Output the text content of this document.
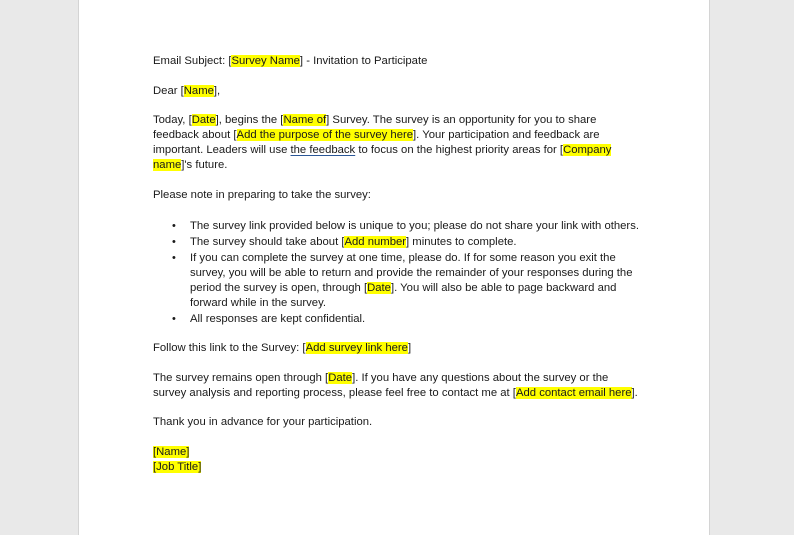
Email Subject: [Survey Name] - Invitation to Participate

Dear [Name],

Today, [Date], begins the [Name of] Survey. The survey is an opportunity for you to share feedback about [Add the purpose of the survey here]. Your participation and feedback are important. Leaders will use the feedback to focus on the highest priority areas for [Company name]'s future.

Please note in preparing to take the survey:

• The survey link provided below is unique to you; please do not share your link with others.
• The survey should take about [Add number] minutes to complete.
• If you can complete the survey at one time, please do. If for some reason you exit the survey, you will be able to return and provide the remainder of your responses during the period the survey is open, through [Date]. You will also be able to page backward and forward while in the survey.
• All responses are kept confidential.

Follow this link to the Survey: [Add survey link here]

The survey remains open through [Date]. If you have any questions about the survey or the survey analysis and reporting process, please feel free to contact me at [Add contact email here].

Thank you in advance for your participation.

[Name]
[Job Title]
